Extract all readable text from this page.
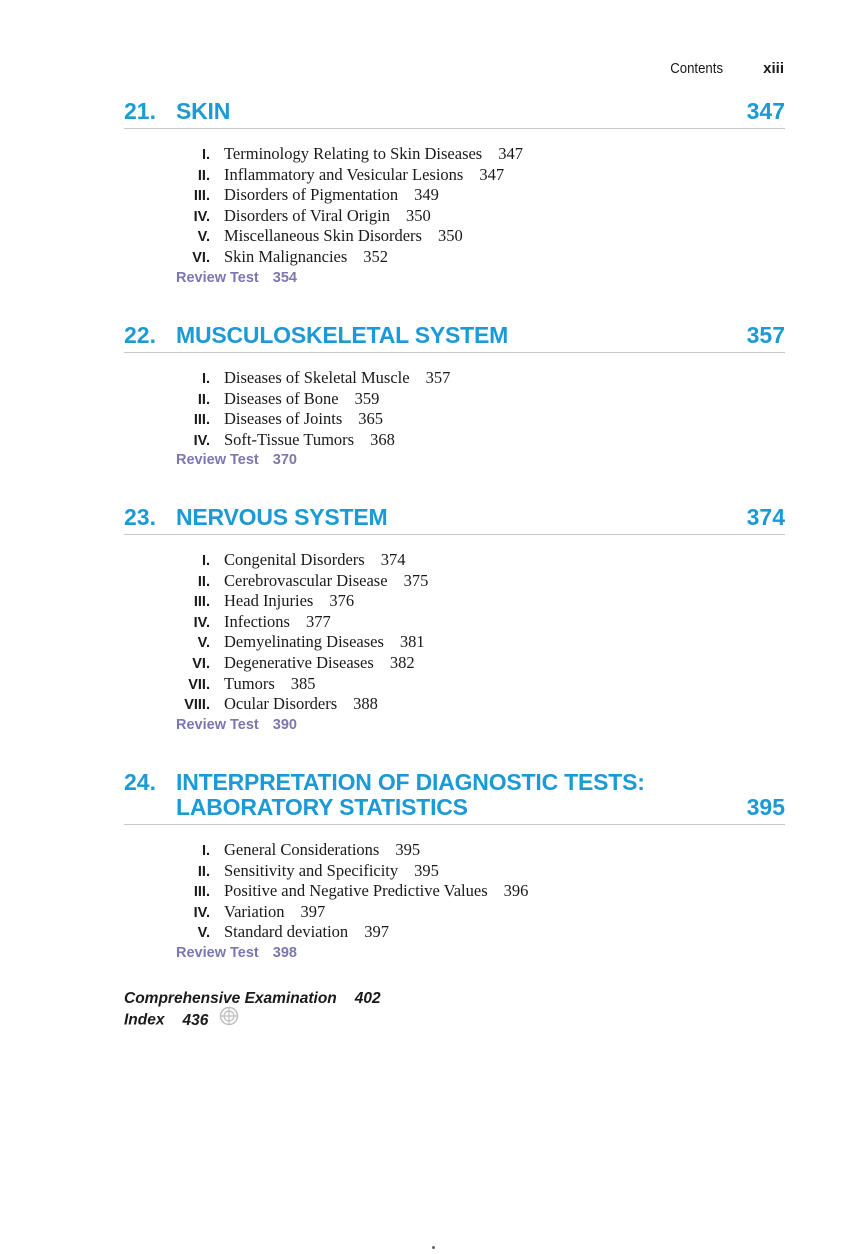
Contents	xiii
21. SKIN	347
I. Terminology Relating to Skin Diseases 347
II. Inflammatory and Vesicular Lesions 347
III. Disorders of Pigmentation 349
IV. Disorders of Viral Origin 350
V. Miscellaneous Skin Disorders 350
VI. Skin Malignancies 352
Review Test 354
22. MUSCULOSKELETAL SYSTEM	357
I. Diseases of Skeletal Muscle 357
II. Diseases of Bone 359
III. Diseases of Joints 365
IV. Soft-Tissue Tumors 368
Review Test 370
23. NERVOUS SYSTEM	374
I. Congenital Disorders 374
II. Cerebrovascular Disease 375
III. Head Injuries 376
IV. Infections 377
V. Demyelinating Diseases 381
VI. Degenerative Diseases 382
VII. Tumors 385
VIII. Ocular Disorders 388
Review Test 390
24. INTERPRETATION OF DIAGNOSTIC TESTS:
LABORATORY STATISTICS	395
I. General Considerations 395
II. Sensitivity and Specificity 395
III. Positive and Negative Predictive Values 396
IV. Variation 397
V. Standard deviation 397
Review Test 398
Comprehensive Examination 402
Index 436
